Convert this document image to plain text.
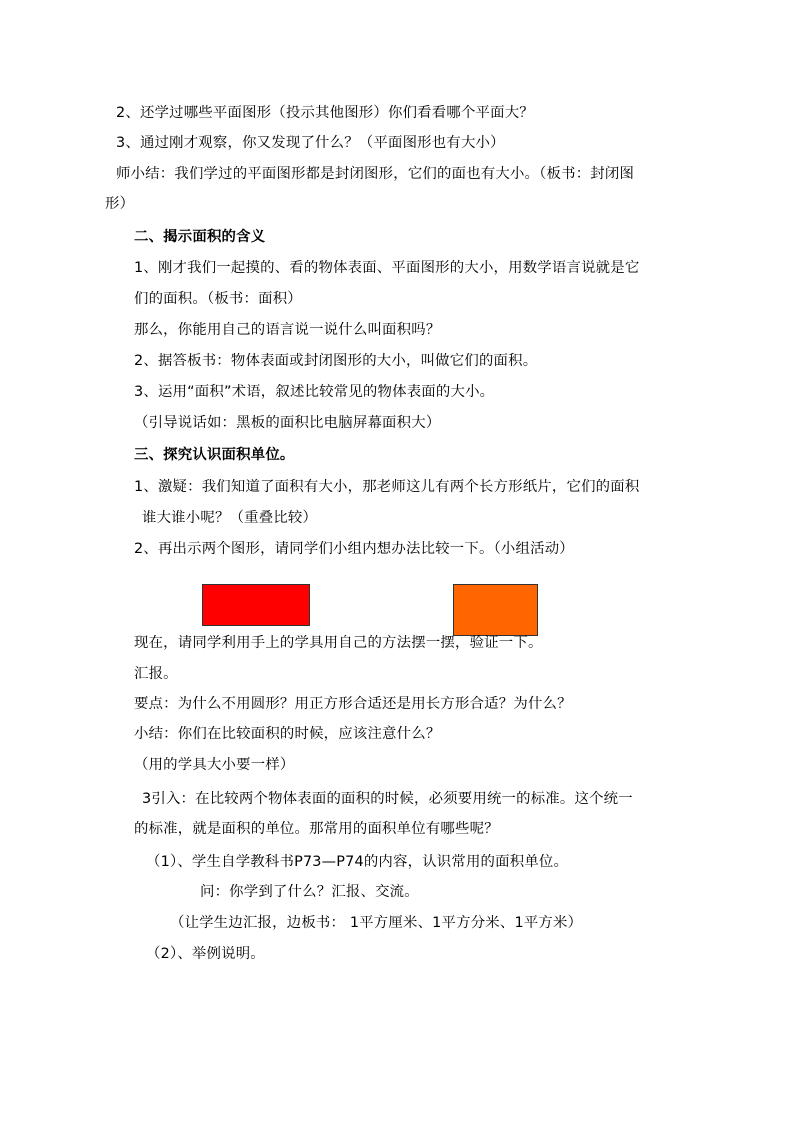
2、还学过哪些平面图形（投示其他图形）你们看看哪个平面大？
3、通过刚才观察，你又发现了什么？（平面图形也有大小）
师小结：我们学过的平面图形都是封闭图形，它们的面也有大小。（板书：封闭图
形）
二、揭示面积的含义
1、刚才我们一起摸的、看的物体表面、平面图形的大小，用数学语言说就是它
们的面积。（板书：面积）
那么，你能用自己的语言说一说什么叫面积吗？
2、据答板书：物体表面或封闭图形的大小，叫做它们的面积。
3、运用“面积”术语，叙述比较常见的物体表面的大小。
（引导说话如：黑板的面积比电脑屏幕面积大）
三、探究认识面积单位。
1、激疑：我们知道了面积有大小，那老师这儿有两个长方形纸片，它们的面积
谁大谁小呢？（重叠比较）
2、再出示两个图形，请同学们小组内想办法比较一下。（小组活动）
现在，请同学利用手上的学具用自己的方法摆一摆，验证一下。
汇报。
要点：为什么不用圆形？用正方形合适还是用长方形合适？为什么？
小结：你们在比较面积的时候，应该注意什么？
（用的学具大小要一样）
3引入：在比较两个物体表面的面积的时候，必须要用统一的标准。这个统一
的标准，就是面积的单位。那常用的面积单位有哪些呢？
（1）、学生自学教科书P73—P74的内容，认识常用的面积单位。
问：你学到了什么？汇报、交流。
（让学生边汇报，边板书： 1平方厘米、1平方分米、1平方米）
（2）、举例说明。
